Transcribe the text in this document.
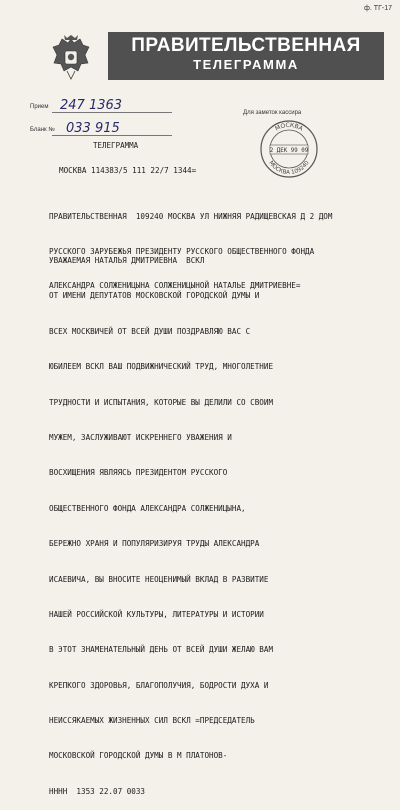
ф. ТГ-17
ПРАВИТЕЛЬСТВЕННАЯ
ТЕЛЕГРАММА
Прием 247 1363
Бланк № 033 915
Для заметок кассира
МОСКВА
2 ДЕК 99 09
МОСКВА 109240
ТЕЛЕГРАММА
МОСКВА 114383/5 111 22/7 1344=

ПРАВИТЕЛЬСТВЕННАЯ  109240 МОСКВА УЛ НИЖНЯЯ РАДИЩЕВСКАЯ Д 2 ДОМ

РУССКОГО ЗАРУБЕЖЬЯ ПРЕЗИДЕНТУ РУССКОГО ОБЩЕСТВЕННОГО ФОНДА

АЛЕКСАНДРА СОЛЖЕНИЦЫНА СОЛЖЕНИЦЫНОЙ НАТАЛЬЕ ДМИТРИЕВНЕ=

УВАЖАЕМАЯ НАТАЛЬЯ ДМИТРИЕВНА  ВСКЛ

ОТ ИМЕНИ ДЕПУТАТОВ МОСКОВСКОЙ ГОРОДСКОЙ ДУМЫ И

ВСЕХ МОСКВИЧЕЙ ОТ ВСЕЙ ДУШИ ПОЗДРАВЛЯЮ ВАС С

ЮБИЛЕЕМ ВСКЛ ВАШ ПОДВИЖНИЧЕСКИЙ ТРУД, МНОГОЛЕТНИЕ

ТРУДНОСТИ И ИСПЫТАНИЯ, КОТОРЫЕ ВЫ ДЕЛИЛИ СО СВОИМ

МУЖЕМ, ЗАСЛУЖИВАЮТ ИСКРЕННЕГО УВАЖЕНИЯ И

ВОСХИЩЕНИЯ ЯВЛЯЯСЬ ПРЕЗИДЕНТОМ РУССКОГО

ОБЩЕСТВЕННОГО ФОНДА АЛЕКСАНДРА СОЛЖЕНИЦЫНА,

БЕРЕЖНО ХРАНЯ И ПОПУЛЯРИЗИРУЯ ТРУДЫ АЛЕКСАНДРА

ИСАЕВИЧА, ВЫ ВНОСИТЕ НЕОЦЕНИМЫЙ ВКЛАД В РАЗВИТИЕ

НАШЕЙ РОССИЙСКОЙ КУЛЬТУРЫ, ЛИТЕРАТУРЫ И ИСТОРИИ

В ЭТОТ ЗНАМЕНАТЕЛЬНЫЙ ДЕНЬ ОТ ВСЕЙ ДУШИ ЖЕЛАЮ ВАМ

КРЕПКОГО ЗДОРОВЬЯ, БЛАГОПОЛУЧИЯ, БОДРОСТИ ДУХА И

НЕИССЯКАЕМЫХ ЖИЗНЕННЫХ СИЛ ВСКЛ =ПРЕДСЕДАТЕЛЬ

МОСКОВСКОЙ ГОРОДСКОЙ ДУМЫ В М ПЛАТОНОВ-

НННН  1353 22.07 0033
